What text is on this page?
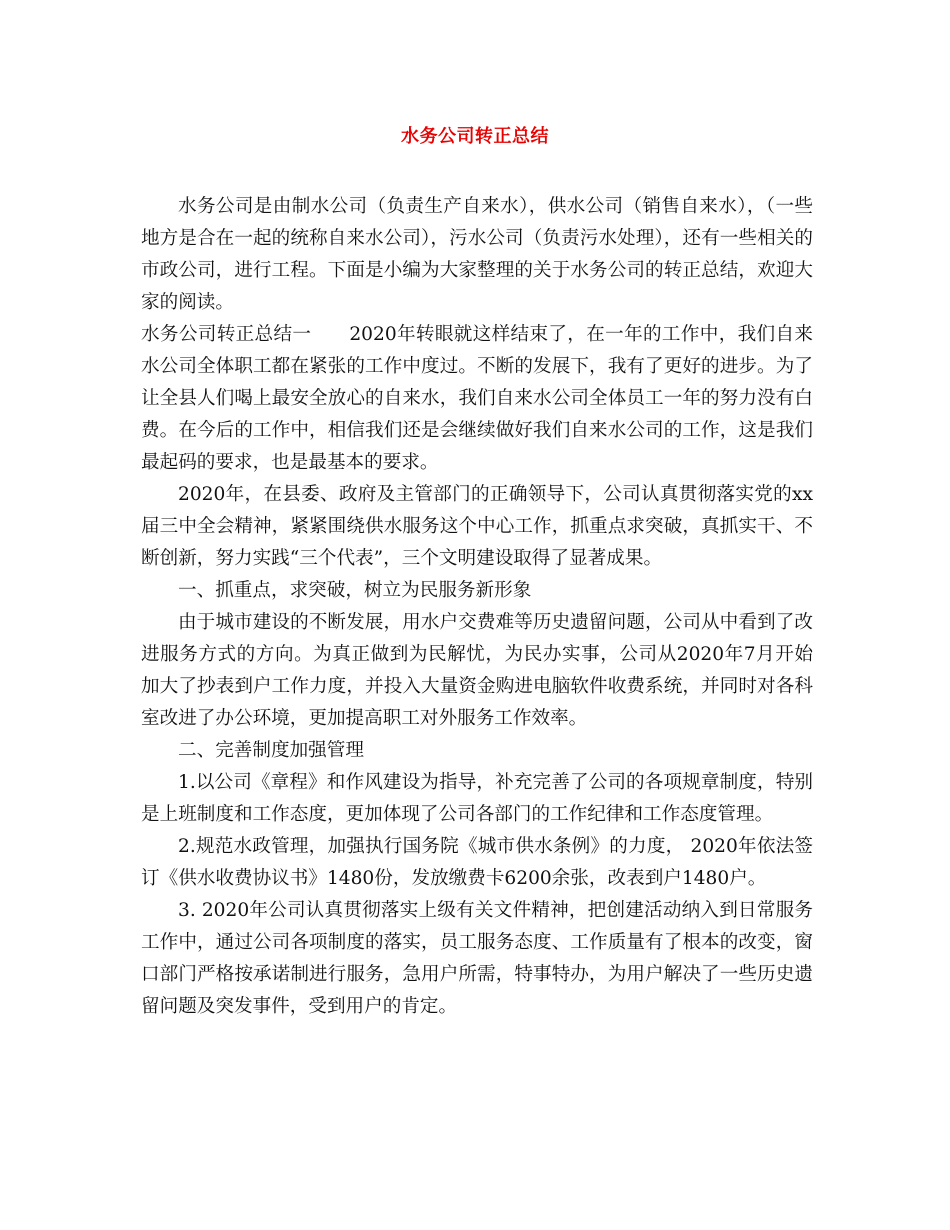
水务公司转正总结

水务公司是由制水公司（负责生产自来水），供水公司（销售自来水），（一些地方是合在一起的统称自来水公司），污水公司（负责污水处理），还有一些相关的市政公司，进行工程。下面是小编为大家整理的关于水务公司的转正总结，欢迎大家的阅读。

水务公司转正总结一 2020年转眼就这样结束了，在一年的工作中，我们自来水公司全体职工都在紧张的工作中度过。不断的发展下，我有了更好的进步。为了让全县人们喝上最安全放心的自来水，我们自来水公司全体员工一年的努力没有白费。在今后的工作中，相信我们还是会继续做好我们自来水公司的工作，这是我们最起码的要求，也是最基本的要求。

2020年，在县委、政府及主管部门的正确领导下，公司认真贯彻落实党的xx届三中全会精神，紧紧围绕供水服务这个中心工作，抓重点求突破，真抓实干、不断创新，努力实践“三个代表”，三个文明建设取得了显著成果。

一、抓重点，求突破，树立为民服务新形象

由于城市建设的不断发展，用水户交费难等历史遗留问题，公司从中看到了改进服务方式的方向。为真正做到为民解忧，为民办实事，公司从2020年7月开始加大了抄表到户工作力度，并投入大量资金购进电脑软件收费系统，并同时对各科室改进了办公环境，更加提高职工对外服务工作效率。

二、完善制度加强管理

1.以公司《章程》和作风建设为指导，补充完善了公司的各项规章制度，特别是上班制度和工作态度，更加体现了公司各部门的工作纪律和工作态度管理。

2.规范水政管理，加强执行国务院《城市供水条例》的力度， 2020年依法签订《供水收费协议书》1480份，发放缴费卡6200余张，改表到户1480户。

3. 2020年公司认真贯彻落实上级有关文件精神，把创建活动纳入到日常服务工作中，通过公司各项制度的落实，员工服务态度、工作质量有了根本的改变，窗口部门严格按承诺制进行服务，急用户所需，特事特办，为用户解决了一些历史遗留问题及突发事件，受到用户的肯定。
